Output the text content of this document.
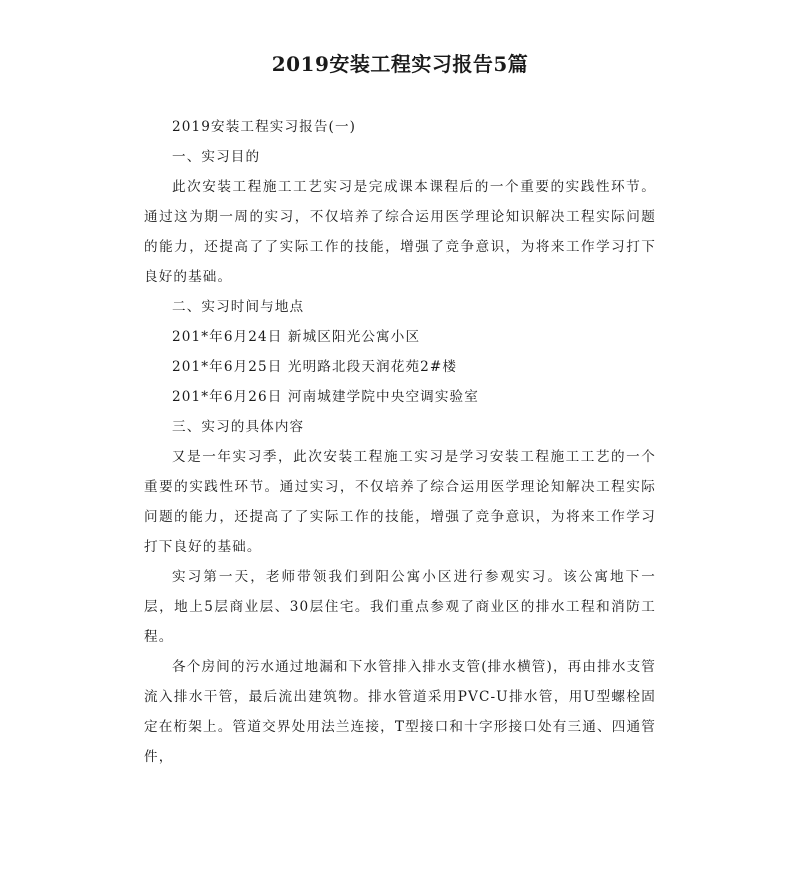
2019安装工程实习报告5篇

2019安装工程实习报告(一)

一、实习目的

此次安装工程施工工艺实习是完成课本课程后的一个重要的实践性环节。通过这为期一周的实习，不仅培养了综合运用医学理论知识解决工程实际问题的能力，还提高了了实际工作的技能，增强了竞争意识，为将来工作学习打下良好的基础。

二、实习时间与地点

201*年6月24日 新城区阳光公寓小区

201*年6月25日 光明路北段天润花苑2#楼

201*年6月26日 河南城建学院中央空调实验室

三、实习的具体内容

又是一年实习季，此次安装工程施工实习是学习安装工程施工工艺的一个重要的实践性环节。通过实习，不仅培养了综合运用医学理论知解决工程实际问题的能力，还提高了了实际工作的技能，增强了竞争意识，为将来工作学习打下良好的基础。

实习第一天，老师带领我们到阳公寓小区进行参观实习。该公寓地下一层，地上5层商业层、30层住宅。我们重点参观了商业区的排水工程和消防工程。

各个房间的污水通过地漏和下水管排入排水支管(排水横管)，再由排水支管流入排水干管，最后流出建筑物。排水管道采用PVC-U排水管，用U型螺栓固定在桁架上。管道交界处用法兰连接，T型接口和十字形接口处有三通、四通管件，
